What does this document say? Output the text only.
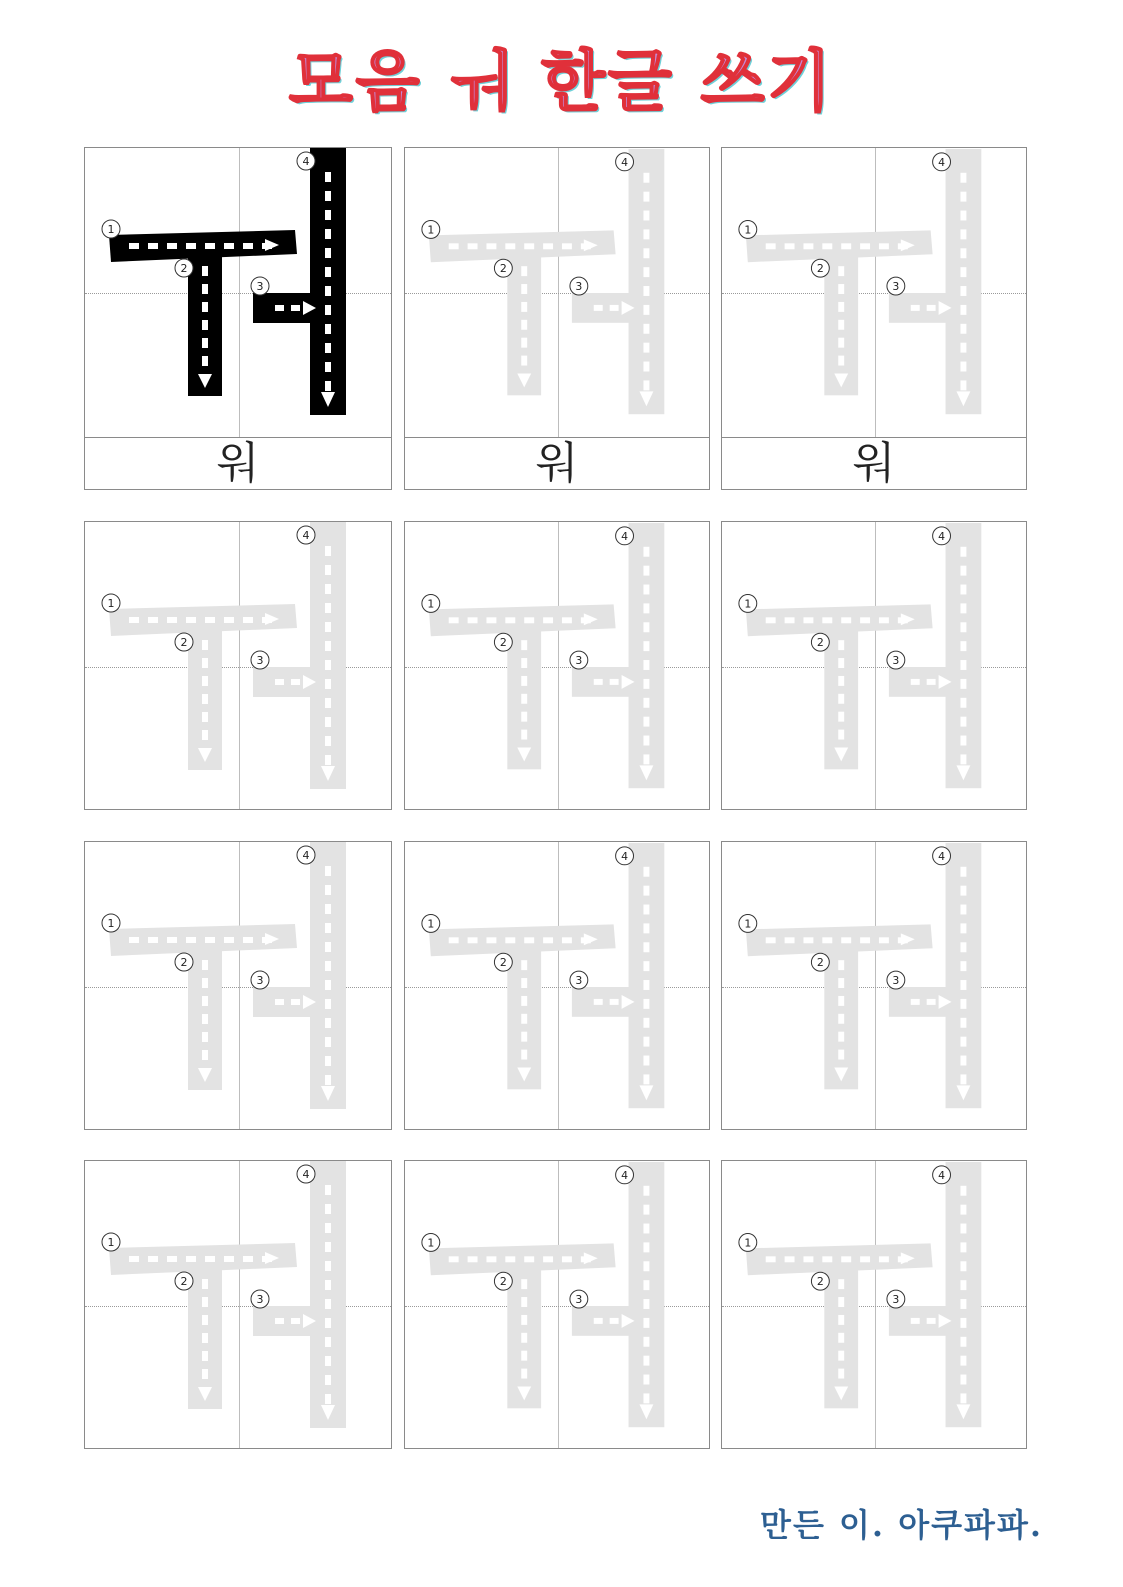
모음 ㅝ 한글 쓰기
1
2
3
4
워
1
2
3
4
워
1
2
3
4
워
1
2
3
4
1
2
3
4
1
2
3
4
1
2
3
4
1
2
3
4
1
2
3
4
1
2
3
4
1
2
3
4
1
2
3
4
만든 이. 아쿠파파.
